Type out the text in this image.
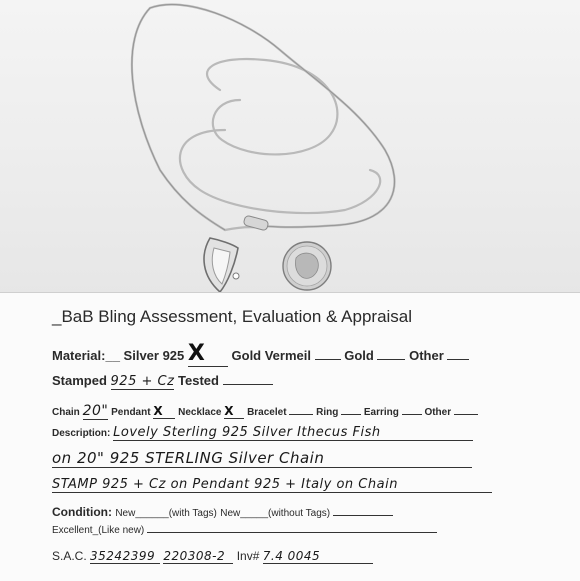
_BaB Bling Assessment, Evaluation & Appraisal
Material:__ Silver 925 X Gold Vermeil	Gold	Other
Stamped 925 + Cz Tested
Chain 20" Pendant X Necklace X Bracelet	Ring	Earring	Other
Description: Lovely Sterling 925 Silver Ithecus Fish
on 20" 925 STERLING Silver Chain
STAMP 925 + Cz on Pendant 925 + Italy on Chain
Condition: New______(with Tags) New_____(without Tags)
Excellent_(Like new)
S.A.C. 35242399 220308-2 Inv# 7.4 0045
